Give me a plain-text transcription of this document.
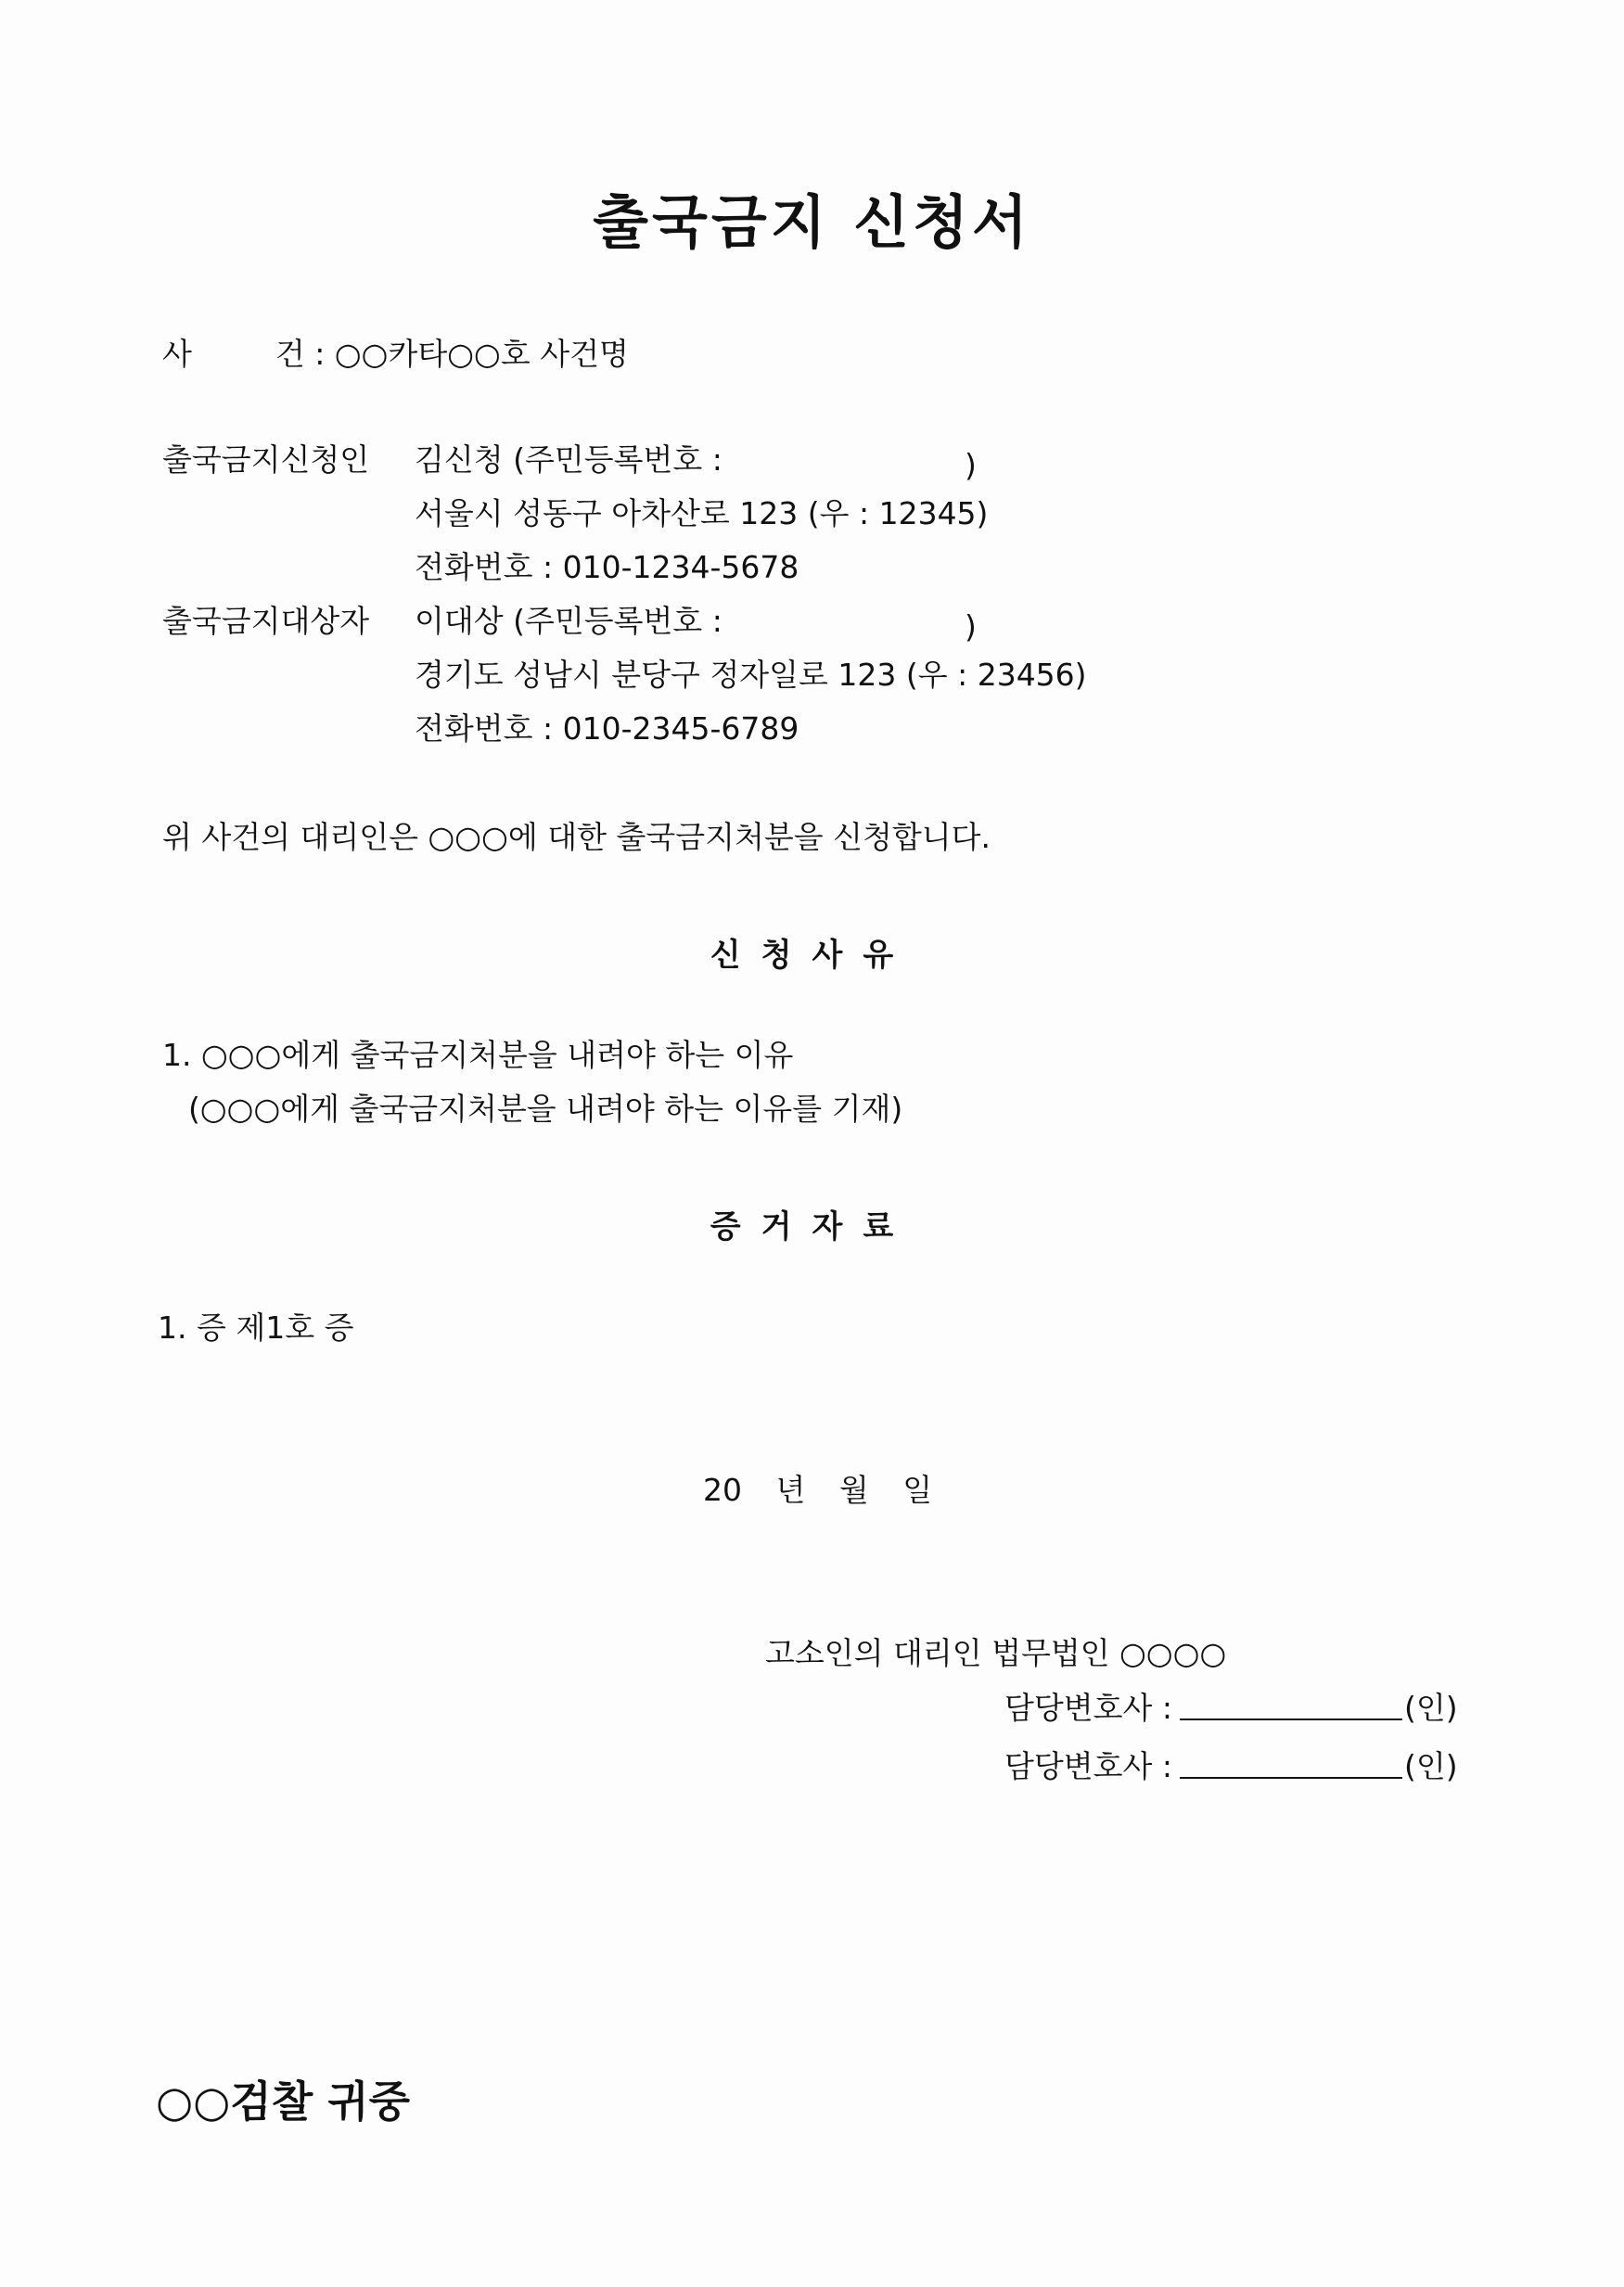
출국금지 신청서
사	건 : ○○카타○○호 사건명
출국금지신청인 김신청 (주민등록번호 :	)
서울시 성동구 아차산로 123 (우 : 12345)
전화번호 : 010-1234-5678
출국금지대상자 이대상 (주민등록번호 :	)
경기도 성남시 분당구 정자일로 123 (우 : 23456)
전화번호 : 010-2345-6789
위 사건의 대리인은 ○○○에 대한 출국금지처분을 신청합니다.
신청사유
1. ○○○에게 출국금지처분을 내려야 하는 이유
(○○○에게 출국금지처분을 내려야 하는 이유를 기재)
증거자료
1. 증 제1호 증
20 년 월 일
고소인의 대리인 법무법인 ○○○○
담당변호사 :	(인)
담당변호사 :	(인)
○○검찰 귀중
